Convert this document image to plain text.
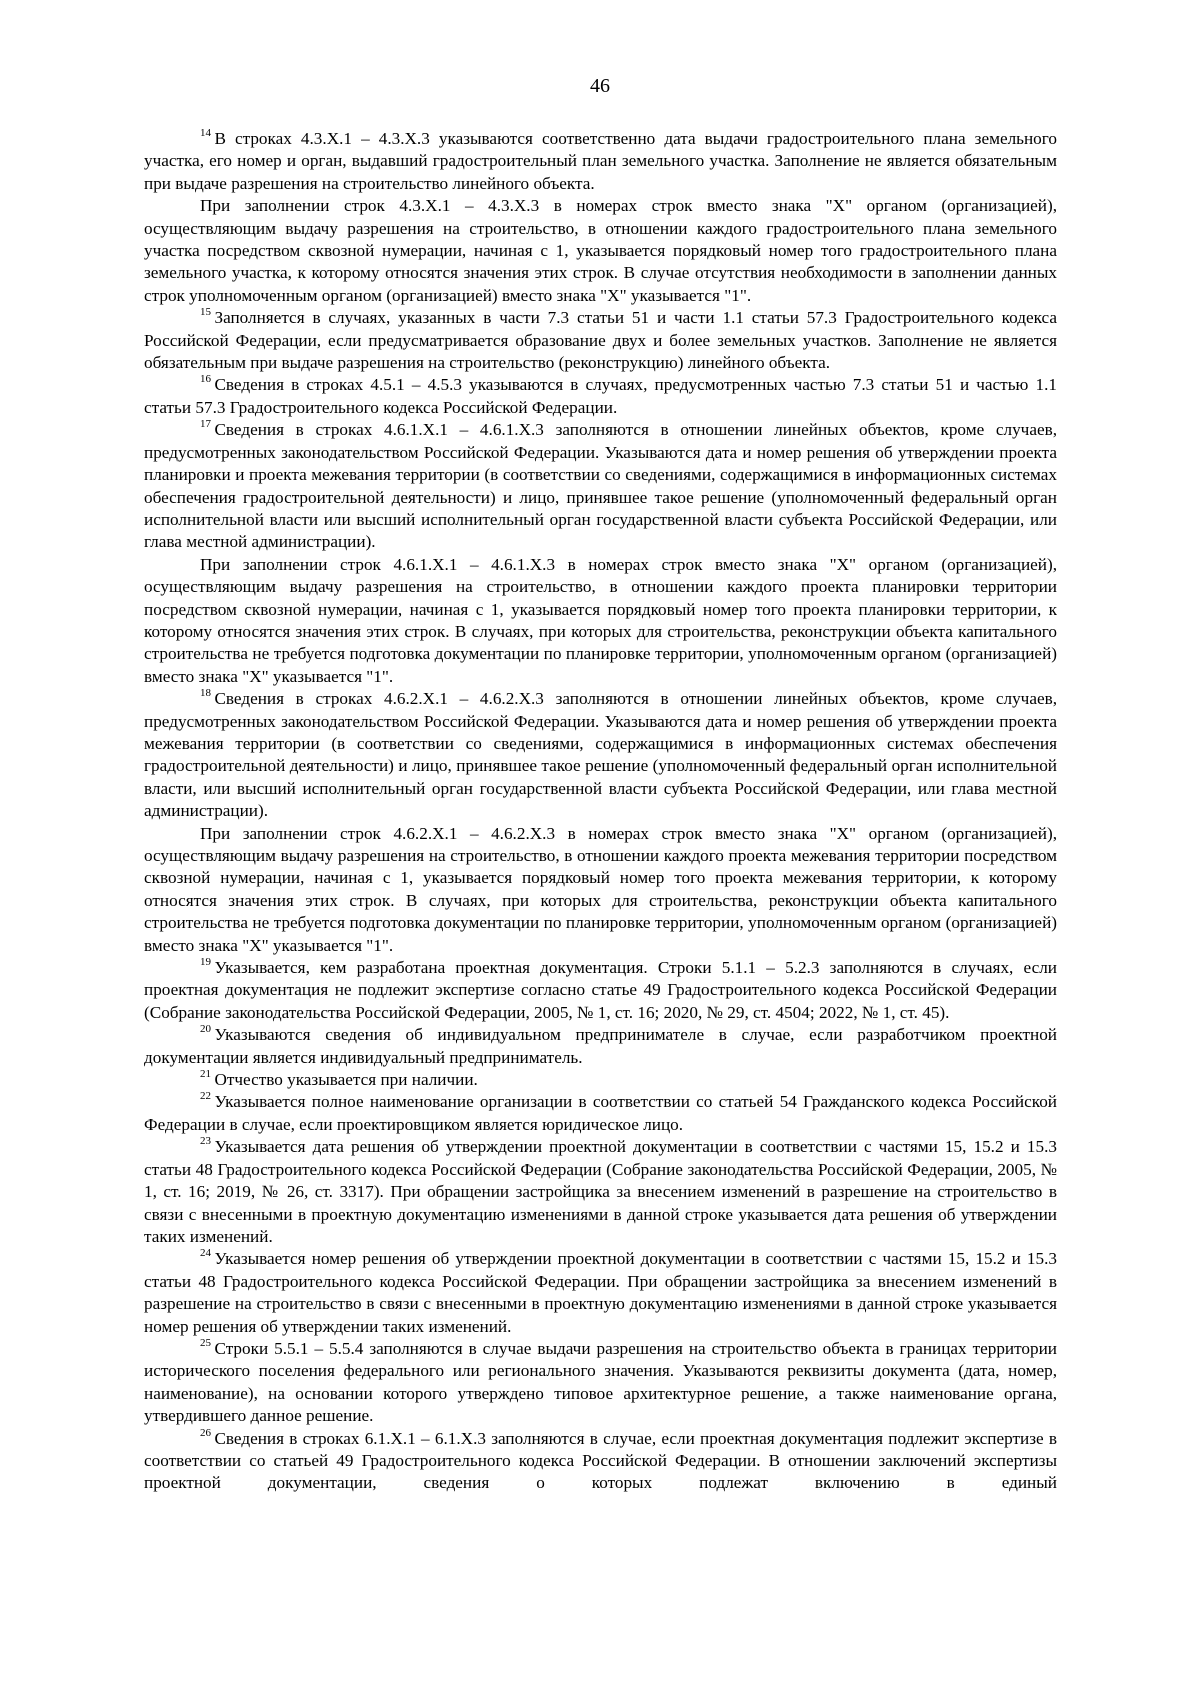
46

$^{14}$  В строках 4.3.X.1 – 4.3.X.3 указываются соответственно дата выдачи градостроительного плана земельного участка, его номер и орган, выдавший градостроительный план земельного участка. Заполнение не является обязательным при выдаче разрешения на строительство линейного объекта.

При заполнении строк 4.3.X.1 – 4.3.X.3 в номерах строк вместо знака "X" органом (организацией), осуществляющим выдачу разрешения на строительство, в отношении каждого градостроительного плана земельного участка посредством сквозной нумерации, начиная с 1, указывается порядковый номер того градостроительного плана земельного участка, к которому относятся значения этих строк. В случае отсутствия необходимости в заполнении данных строк уполномоченным органом (организацией) вместо знака "X" указывается "1".

$^{15}$  Заполняется в случаях, указанных в части 7.3 статьи 51 и части 1.1 статьи 57.3 Градостроительного кодекса Российской Федерации, если предусматривается образование двух и более земельных участков. Заполнение не является обязательным при выдаче разрешения на строительство (реконструкцию) линейного объекта.

$^{16}$  Сведения в строках 4.5.1 – 4.5.3 указываются в случаях, предусмотренных частью 7.3 статьи 51 и частью 1.1 статьи 57.3 Градостроительного кодекса Российской Федерации.

$^{17}$  Сведения в строках 4.6.1.X.1 – 4.6.1.X.3 заполняются в отношении линейных объектов, кроме случаев, предусмотренных законодательством Российской Федерации. Указываются дата и номер решения об утверждении проекта планировки и проекта межевания территории (в соответствии со сведениями, содержащимися в информационных системах обеспечения градостроительной деятельности) и лицо, принявшее такое решение (уполномоченный федеральный орган исполнительной власти или высший исполнительный орган государственной власти субъекта Российской Федерации, или глава местной администрации).

При заполнении строк 4.6.1.X.1 – 4.6.1.X.3 в номерах строк вместо знака "X" органом (организацией), осуществляющим выдачу разрешения на строительство, в отношении каждого проекта планировки территории посредством сквозной нумерации, начиная с 1, указывается порядковый номер того проекта планировки территории, к которому относятся значения этих строк. В случаях, при которых для строительства, реконструкции объекта капитального строительства не требуется подготовка документации по планировке территории, уполномоченным органом (организацией) вместо знака "X" указывается "1".

$^{18}$  Сведения в строках 4.6.2.X.1 – 4.6.2.X.3 заполняются в отношении линейных объектов, кроме случаев, предусмотренных законодательством Российской Федерации. Указываются дата и номер решения об утверждении проекта межевания территории (в соответствии со сведениями, содержащимися в информационных системах обеспечения градостроительной деятельности) и лицо, принявшее такое решение (уполномоченный федеральный орган исполнительной власти, или высший исполнительный орган государственной власти субъекта Российской Федерации, или глава местной администрации).

При заполнении строк 4.6.2.X.1 – 4.6.2.X.3 в номерах строк вместо знака "X" органом (организацией), осуществляющим выдачу разрешения на строительство, в отношении каждого проекта межевания территории посредством сквозной нумерации, начиная с 1, указывается порядковый номер того проекта межевания территории, к которому относятся значения этих строк. В случаях, при которых для строительства, реконструкции объекта капитального строительства не требуется подготовка документации по планировке территории, уполномоченным органом (организацией) вместо знака "X" указывается "1".

$^{19}$  Указывается, кем разработана проектная документация. Строки 5.1.1 – 5.2.3 заполняются в случаях, если проектная документация не подлежит экспертизе согласно статье 49 Градостроительного кодекса Российской Федерации (Собрание законодательства Российской Федерации, 2005, № 1, ст. 16; 2020, № 29, ст. 4504; 2022, № 1, ст. 45).

$^{20}$  Указываются сведения об индивидуальном предпринимателе в случае, если разработчиком проектной документации является индивидуальный предприниматель.

$^{21}$  Отчество указывается при наличии.

$^{22}$  Указывается полное наименование организации в соответствии со статьей 54 Гражданского кодекса Российской Федерации в случае, если проектировщиком является юридическое лицо.

$^{23}$  Указывается дата решения об утверждении проектной документации в соответствии с частями 15, 15.2 и 15.3 статьи 48 Градостроительного кодекса Российской Федерации (Собрание законодательства Российской Федерации, 2005, № 1, ст. 16; 2019, № 26, ст. 3317). При обращении застройщика за внесением изменений в разрешение на строительство в связи с внесенными в проектную документацию изменениями в данной строке указывается дата решения об утверждении таких изменений.

$^{24}$  Указывается номер решения об утверждении проектной документации в соответствии с частями 15, 15.2 и 15.3 статьи 48 Градостроительного кодекса Российской Федерации. При обращении застройщика за внесением изменений в разрешение на строительство в связи с внесенными в проектную документацию изменениями в данной строке указывается номер решения об утверждении таких изменений.

$^{25}$  Строки 5.5.1 – 5.5.4 заполняются в случае выдачи разрешения на строительство объекта в границах территории исторического поселения федерального или регионального значения. Указываются реквизиты документа (дата, номер, наименование), на основании которого утверждено типовое архитектурное решение, а также наименование органа, утвердившего данное решение.

$^{26}$  Сведения в строках 6.1.X.1 – 6.1.X.3 заполняются в случае, если проектная документация подлежит экспертизе в соответствии со статьей 49 Градостроительного кодекса Российской Федерации. В отношении заключений экспертизы проектной документации, сведения о которых подлежат включению в единый
